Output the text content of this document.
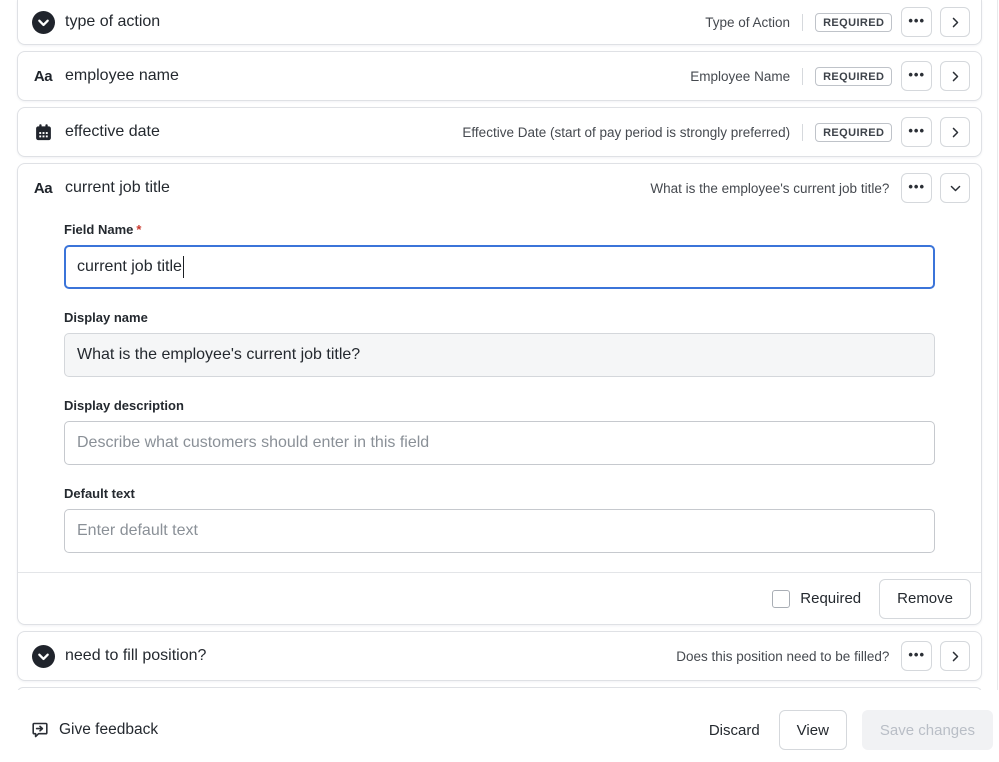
type of action	Type of Action	REQUIRED	•••
Aa employee name	Employee Name	REQUIRED	•••
effective date	Effective Date (start of pay period is strongly preferred)	REQUIRED	•••
Aa current job title	What is the employee's current job title? •••
Field Name *
current job title
Display name
What is the employee's current job title?
Display description
Describe what customers should enter in this field
Default text
Enter default text
Required	Remove
need to fill position?	Does this position need to be filled? •••
Give feedback	Discard	View	Save changes
